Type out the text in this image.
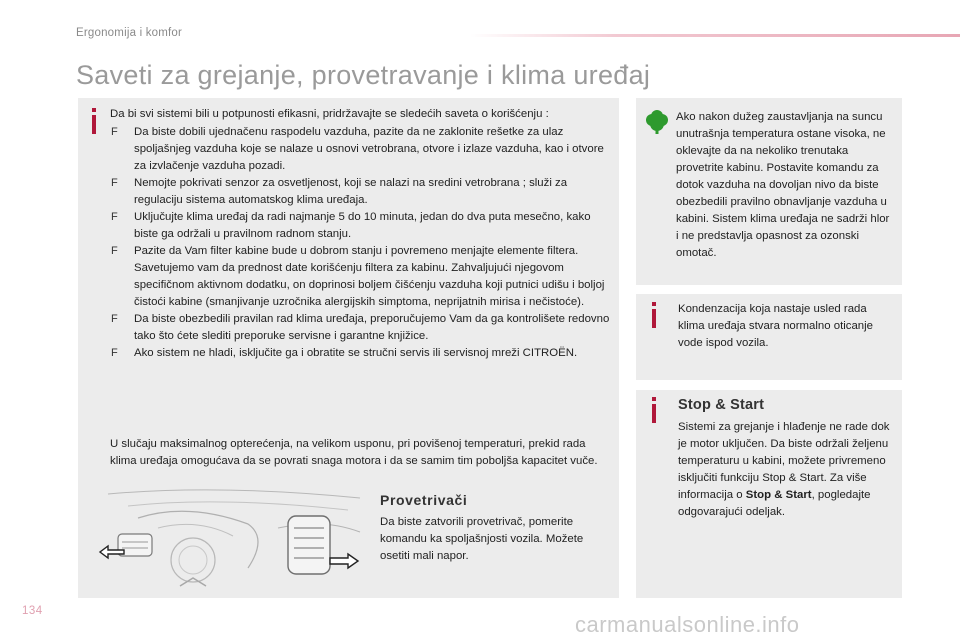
Ergonomija i komfor
Saveti za grejanje, provetravanje i klima uređaj
Da bi svi sistemi bili u potpunosti efikasni, pridržavajte se sledećih saveta o korišćenju :
F Da biste dobili ujednačenu raspodelu vazduha, pazite da ne zaklonite rešetke za ulaz spoljašnjeg vazduha koje se nalaze u osnovi vetrobrana, otvore i izlaze vazduha, kao i otvore za izvlačenje vazduha pozadi.
F Nemojte pokrivati senzor za osvetljenost, koji se nalazi na sredini vetrobrana ; služi za regulaciju sistema automatskog klima uređaja.
F Uključujte klima uređaj da radi najmanje 5 do 10 minuta, jedan do dva puta mesečno, kako biste ga održali u pravilnom radnom stanju.
F Pazite da Vam filter kabine bude u dobrom stanju i povremeno menjajte elemente filtera.
Savetujemo vam da prednost date korišćenju filtera za kabinu. Zahvaljujući njegovom specifičnom aktivnom dodatku, on doprinosi boljem čišćenju vazduha koji putnici udišu i boljoj čistoći kabine (smanjivanje uzročnika alergijskih simptoma, neprijatnih mirisa i nečistoće).
F Da biste obezbedili pravilan rad klima uređaja, preporučujemo Vam da ga kontrolišete redovno tako što ćete slediti preporuke servisne i garantne knjižice.
F Ako sistem ne hladi, isključite ga i obratite se stručni servis ili servisnoj mreži CITROËN.
U slučaju maksimalnog opterećenja, na velikom usponu, pri povišenoj temperaturi, prekid rada klima uređaja omogućava da se povrati snaga motora i da se samim tim poboljša kapacitet vuče.
Provetrivači
Da biste zatvorili provetrivač, pomerite komandu ka spoljašnjosti vozila. Možete osetiti mali napor.
Ako nakon dužeg zaustavljanja na suncu unutrašnja temperatura ostane visoka, ne oklevajte da na nekoliko trenutaka provetrite kabinu. Postavite komandu za dotok vazduha na dovoljan nivo da biste obezbedili pravilno obnavljanje vazduha u kabini. Sistem klima uređaja ne sadrži hlor i ne predstavlja opasnost za ozonski omotač.
Kondenzacija koja nastaje usled rada klima uređaja stvara normalno oticanje vode ispod vozila.
Stop & Start
Sistemi za grejanje i hlađenje ne rade dok je motor uključen. Da biste održali željenu temperaturu u kabini, možete privremeno isključiti funkciju Stop & Start. Za više informacija o Stop & Start, pogledajte odgovarajući odeljak.
134
carmanualsonline.info
